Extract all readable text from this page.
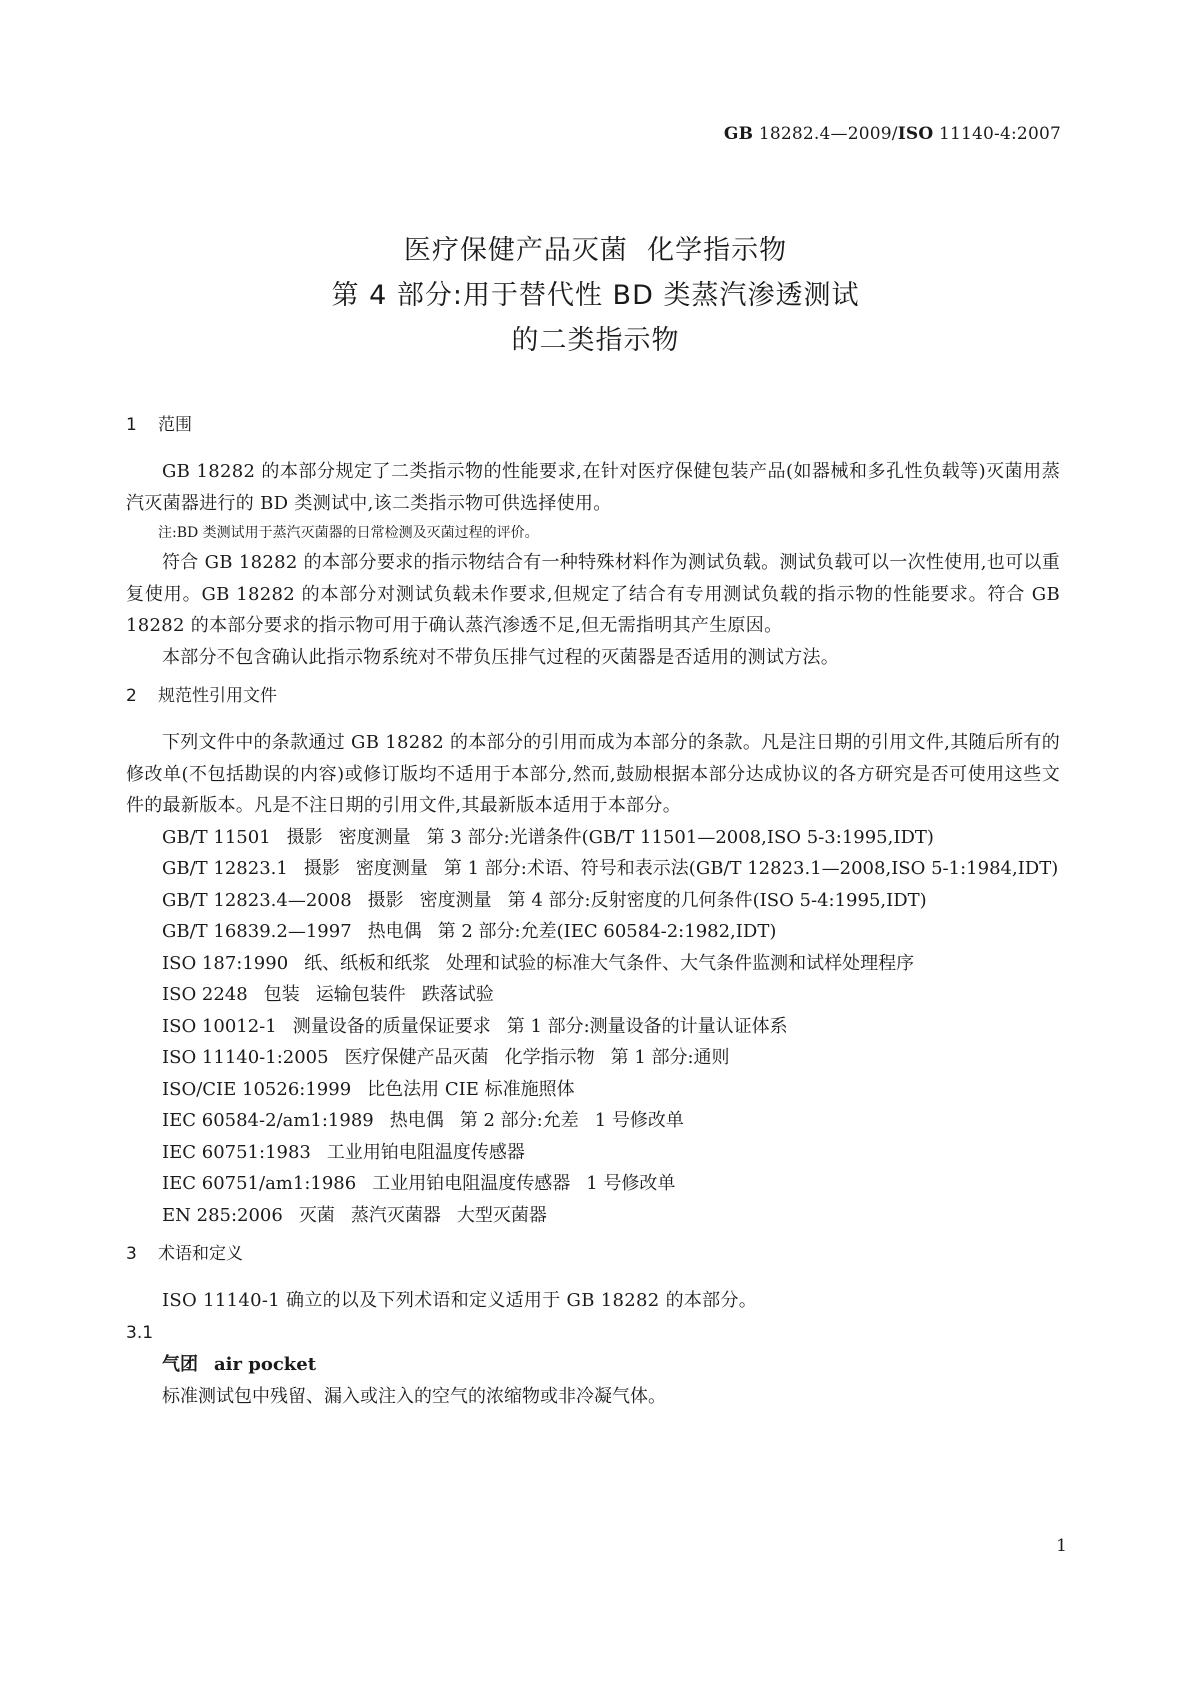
GB 18282.4—2009/ISO 11140-4:2007
医疗保健产品灭菌  化学指示物
第 4 部分:用于替代性 BD 类蒸汽渗透测试
的二类指示物
1 范围
GB 18282 的本部分规定了二类指示物的性能要求,在针对医疗保健包装产品(如器械和多孔性负载等)灭菌用蒸汽灭菌器进行的 BD 类测试中,该二类指示物可供选择使用。
注:BD 类测试用于蒸汽灭菌器的日常检测及灭菌过程的评价。
符合 GB 18282 的本部分要求的指示物结合有一种特殊材料作为测试负载。测试负载可以一次性使用,也可以重复使用。GB 18282 的本部分对测试负载未作要求,但规定了结合有专用测试负载的指示物的性能要求。符合 GB 18282 的本部分要求的指示物可用于确认蒸汽渗透不足,但无需指明其产生原因。
本部分不包含确认此指示物系统对不带负压排气过程的灭菌器是否适用的测试方法。
2 规范性引用文件
下列文件中的条款通过 GB 18282 的本部分的引用而成为本部分的条款。凡是注日期的引用文件,其随后所有的修改单(不包括勘误的内容)或修订版均不适用于本部分,然而,鼓励根据本部分达成协议的各方研究是否可使用这些文件的最新版本。凡是不注日期的引用文件,其最新版本适用于本部分。
GB/T 11501 摄影 密度测量 第 3 部分:光谱条件(GB/T 11501—2008,ISO 5-3:1995,IDT)
GB/T 12823.1 摄影 密度测量 第 1 部分:术语、符号和表示法(GB/T 12823.1—2008,ISO 5-1:1984,IDT)
GB/T 12823.4—2008 摄影 密度测量 第 4 部分:反射密度的几何条件(ISO 5-4:1995,IDT)
GB/T 16839.2—1997 热电偶 第 2 部分:允差(IEC 60584-2:1982,IDT)
ISO 187:1990 纸、纸板和纸浆 处理和试验的标准大气条件、大气条件监测和试样处理程序
ISO 2248 包装 运输包装件 跌落试验
ISO 10012-1 测量设备的质量保证要求 第 1 部分:测量设备的计量认证体系
ISO 11140-1:2005 医疗保健产品灭菌 化学指示物 第 1 部分:通则
ISO/CIE 10526:1999 比色法用 CIE 标准施照体
IEC 60584-2/am1:1989 热电偶 第 2 部分:允差 1 号修改单
IEC 60751:1983 工业用铂电阻温度传感器
IEC 60751/am1:1986 工业用铂电阻温度传感器 1 号修改单
EN 285:2006 灭菌 蒸汽灭菌器 大型灭菌器
3 术语和定义
ISO 11140-1 确立的以及下列术语和定义适用于 GB 18282 的本部分。
3.1
气团 air pocket
标准测试包中残留、漏入或注入的空气的浓缩物或非冷凝气体。
1
